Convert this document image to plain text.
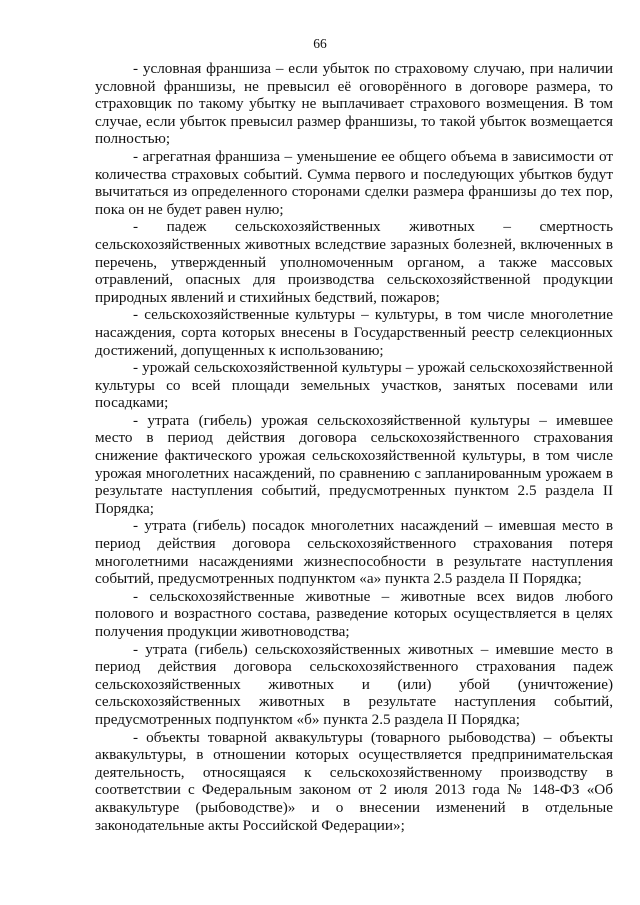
66

- условная франшиза – если убыток по страховому случаю, при наличии условной франшизы, не превысил её оговорённого в договоре размера, то страховщик по такому убытку не выплачивает страхового возмещения. В том случае, если убыток превысил размер франшизы, то такой убыток возмещается полностью;

- агрегатная франшиза – уменьшение ее общего объема в зависимости от количества страховых событий. Сумма первого и последующих убытков будут вычитаться из определенного сторонами сделки размера франшизы до тех пор, пока он не будет равен нулю;

- падеж сельскохозяйственных животных – смертность сельскохозяйственных животных вследствие заразных болезней, включенных в перечень, утвержденный уполномоченным органом, а также массовых отравлений, опасных для производства сельскохозяйственной продукции природных явлений и стихийных бедствий, пожаров;

- сельскохозяйственные культуры – культуры, в том числе многолетние насаждения, сорта которых внесены в Государственный реестр селекционных достижений, допущенных к использованию;

- урожай сельскохозяйственной культуры – урожай сельскохозяйственной культуры со всей площади земельных участков, занятых посевами или посадками;

- утрата (гибель) урожая сельскохозяйственной культуры – имевшее место в период действия договора сельскохозяйственного страхования снижение фактического урожая сельскохозяйственной культуры, в том числе урожая многолетних насаждений, по сравнению с запланированным урожаем в результате наступления событий, предусмотренных пунктом 2.5 раздела II Порядка;

- утрата (гибель) посадок многолетних насаждений – имевшая место в период действия договора сельскохозяйственного страхования потеря многолетними насаждениями жизнеспособности в результате наступления событий, предусмотренных подпунктом «а» пункта 2.5 раздела II Порядка;

- сельскохозяйственные животные – животные всех видов любого полового и возрастного состава, разведение которых осуществляется в целях получения продукции животноводства;

- утрата (гибель) сельскохозяйственных животных – имевшие место в период действия договора сельскохозяйственного страхования падеж сельскохозяйственных животных и (или) убой (уничтожение) сельскохозяйственных животных в результате наступления событий, предусмотренных подпунктом «б» пункта 2.5 раздела II Порядка;

- объекты товарной аквакультуры (товарного рыбоводства) – объекты аквакультуры, в отношении которых осуществляется предпринимательская деятельность, относящаяся к сельскохозяйственному производству в соответствии с Федеральным законом от 2 июля 2013 года № 148-ФЗ «Об аквакультуре (рыбоводстве)» и о внесении изменений в отдельные законодательные акты Российской Федерации»;
